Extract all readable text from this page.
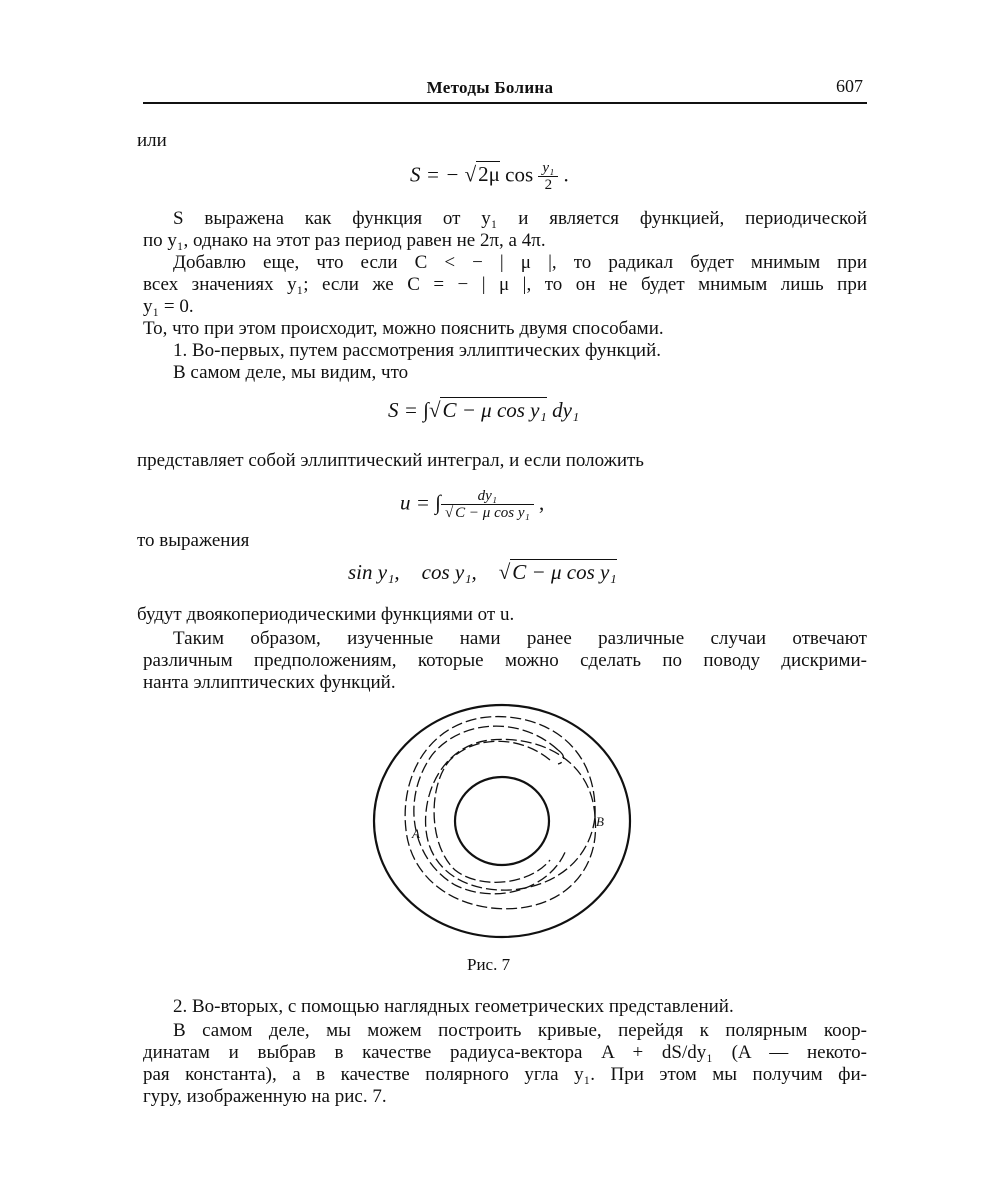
Методы Болина	607
или
S = − √2μ $\cos \frac{\text{y₁}}{2}$ .
S выражена как функция от y₁ и является функцией, периодической
по y₁, однако на этот раз период равен не 2π, а 4π.
Добавлю еще, что если C < − | μ |, то радикал будет мнимым при
всех значениях y₁; если же C = − | μ |, то он не будет мнимым лишь при
y₁ = 0.
То, что при этом происходит, можно пояснить двумя способами.
1. Во-первых, путем рассмотрения эллиптических функций.
В самом деле, мы видим, что
S = ∫√C − μ cos y₁ dy₁
представляет собой эллиптический интеграл, и если положить
u = ∫ $\frac{\text{dy₁}}{\text{√ C − μ cos y₁}}$ ,
то выражения
sin y₁, cos y₁, √C − μ cos y₁
будут двоякопериодическими функциями от u.
Таким образом, изученные нами ранее различные случаи отвечают
различным предположениям, которые можно сделать по поводу дискрими-
нанта эллиптических функций.
A
B
Рис. 7
2. Во-вторых, с помощью наглядных геометрических представлений.
В самом деле, мы можем построить кривые, перейдя к полярным коор-
динатам и выбрав в качестве радиуса-вектора A + dS/dy₁ (A — некото-
рая константа), а в качестве полярного угла y₁. При этом мы получим фи-
гуру, изображенную на рис. 7.
